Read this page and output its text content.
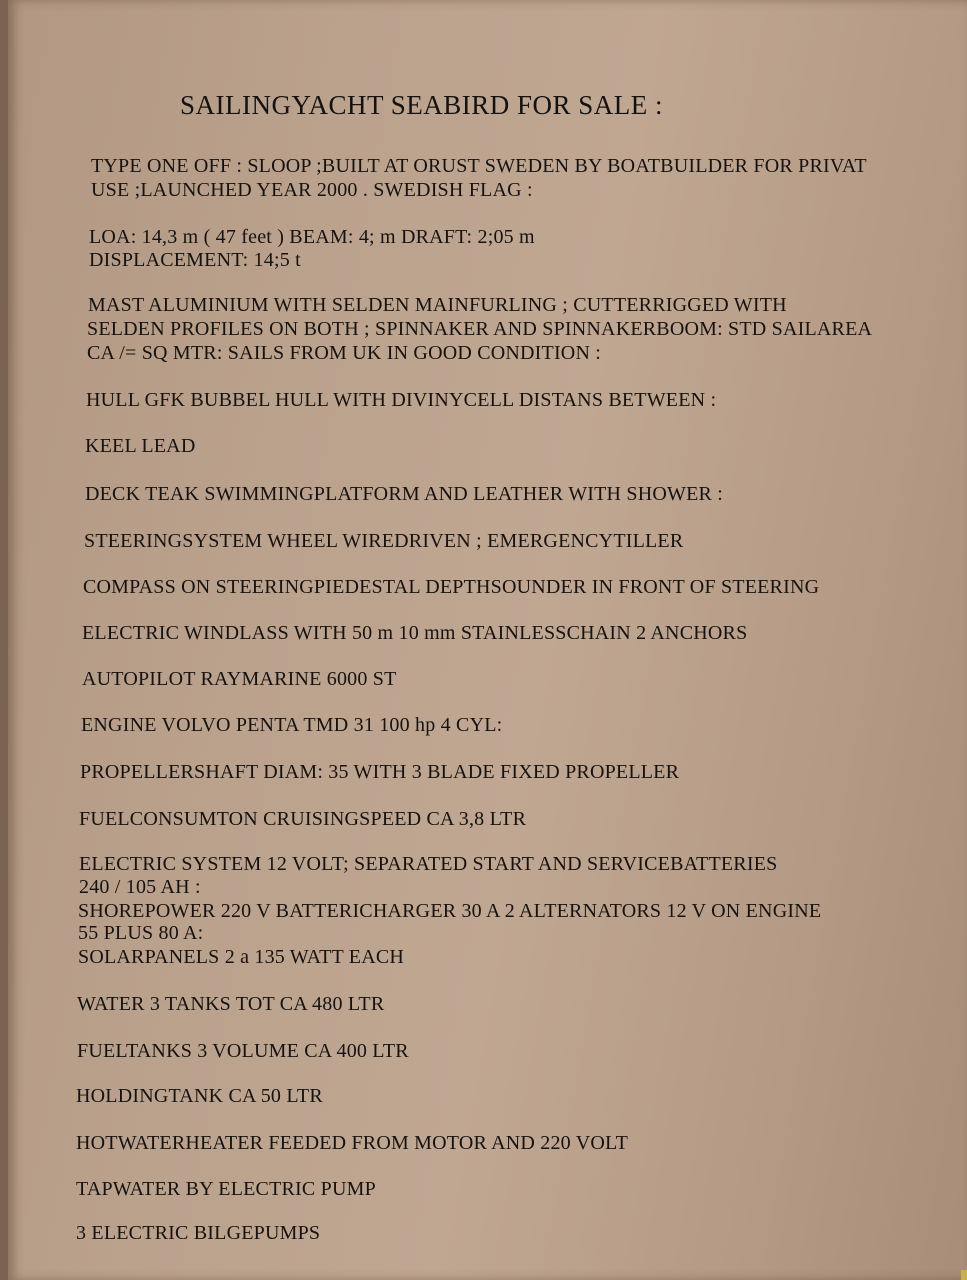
SAILINGYACHT SEABIRD FOR SALE :
TYPE ONE OFF : SLOOP ;BUILT AT ORUST SWEDEN BY BOATBUILDER FOR PRIVAT
USE ;LAUNCHED YEAR 2000 . SWEDISH FLAG :
LOA: 14,3 m ( 47 feet ) BEAM: 4; m DRAFT: 2;05 m
DISPLACEMENT: 14;5 t
MAST ALUMINIUM WITH SELDEN MAINFURLING ; CUTTERRIGGED WITH
SELDEN PROFILES ON BOTH ; SPINNAKER AND SPINNAKERBOOM: STD SAILAREA
CA /= SQ MTR: SAILS FROM UK IN GOOD CONDITION :
HULL GFK BUBBEL HULL WITH DIVINYCELL DISTANS BETWEEN :
KEEL LEAD
DECK TEAK SWIMMINGPLATFORM AND LEATHER WITH SHOWER :
STEERINGSYSTEM WHEEL WIREDRIVEN ; EMERGENCYTILLER
COMPASS ON STEERINGPIEDESTAL DEPTHSOUNDER IN FRONT OF STEERING
ELECTRIC WINDLASS WITH 50 m 10 mm STAINLESSCHAIN 2 ANCHORS
AUTOPILOT RAYMARINE 6000 ST
ENGINE VOLVO PENTA TMD 31 100 hp 4 CYL:
PROPELLERSHAFT DIAM: 35 WITH 3 BLADE FIXED PROPELLER
FUELCONSUMTON CRUISINGSPEED CA 3,8 LTR
ELECTRIC SYSTEM 12 VOLT; SEPARATED START AND SERVICEBATTERIES
240 / 105 AH :
SHOREPOWER 220 V BATTERICHARGER 30 A 2 ALTERNATORS 12 V ON ENGINE
55 PLUS 80 A:
SOLARPANELS 2 a 135 WATT EACH
WATER 3 TANKS TOT CA 480 LTR
FUELTANKS 3 VOLUME CA 400 LTR
HOLDINGTANK CA 50 LTR
HOTWATERHEATER FEEDED FROM MOTOR AND 220 VOLT
TAPWATER BY ELECTRIC PUMP
3 ELECTRIC BILGEPUMPS
